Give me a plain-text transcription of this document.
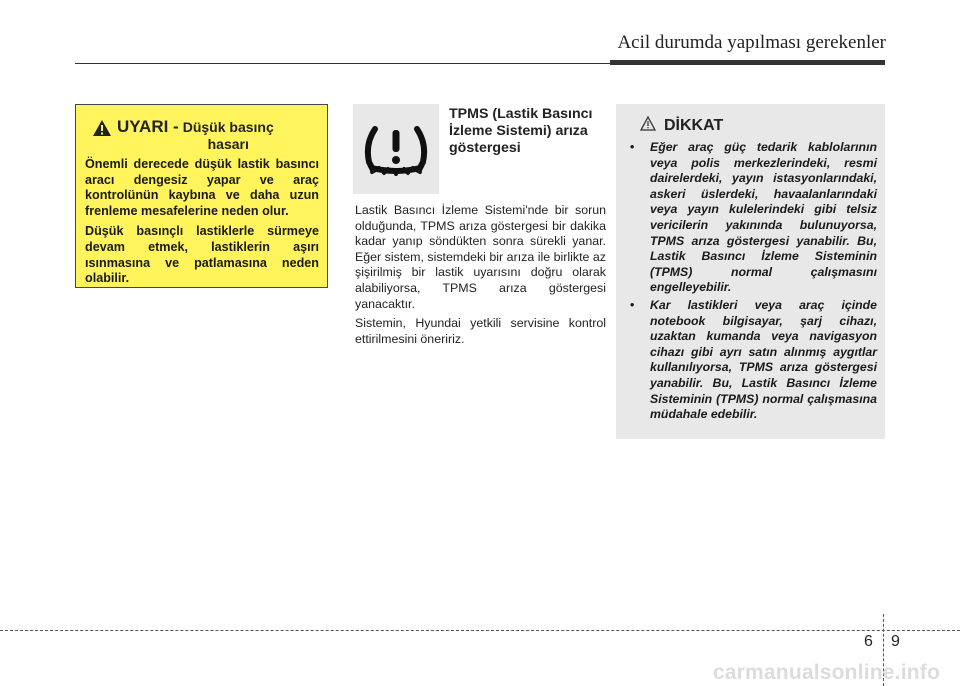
Acil durumda yapılması gerekenler
UYARI - Düşük basınç
hasarı
Önemli derecede düşük lastik basıncı aracı dengesiz yapar ve araç kontrolünün kaybına ve daha uzun frenleme mesafelerine neden olur.
Düşük basınçlı lastiklerle sürmeye devam etmek, lastiklerin aşırı ısınmasına ve patlamasına neden olabilir.
TPMS (Lastik Basıncı İzleme Sistemi) arıza göstergesi

Lastik Basıncı İzleme Sistemi'nde bir sorun olduğunda, TPMS arıza göstergesi bir dakika kadar yanıp söndükten sonra sürekli yanar. Eğer sistem, sistemdeki bir arıza ile birlikte az şişirilmiş bir lastik uyarısını doğru olarak alabiliyorsa, TPMS arıza göstergesi yanacaktır.

Sistemin, Hyundai yetkili servisine kontrol ettirilmesini öneririz.

DİKKAT
• Eğer araç güç tedarik kablolarının veya polis merkezlerindeki, resmi dairelerdeki, yayın istasyonlarındaki, askeri üslerdeki, havaalanlarındaki veya yayın kulelerindeki gibi telsiz vericilerin yakınında bulunuyorsa, TPMS arıza göstergesi yanabilir. Bu, Lastik Basıncı İzleme Sisteminin (TPMS) normal çalışmasını engelleyebilir.
• Kar lastikleri veya araç içinde notebook bilgisayar, şarj cihazı, uzaktan kumanda veya navigasyon cihazı gibi ayrı satın alınmış aygıtlar kullanılıyorsa, TPMS arıza göstergesi yanabilir. Bu, Lastik Basıncı İzleme Sisteminin (TPMS) normal çalışmasına müdahale edebilir.
6 9
carmanualsonline.info
